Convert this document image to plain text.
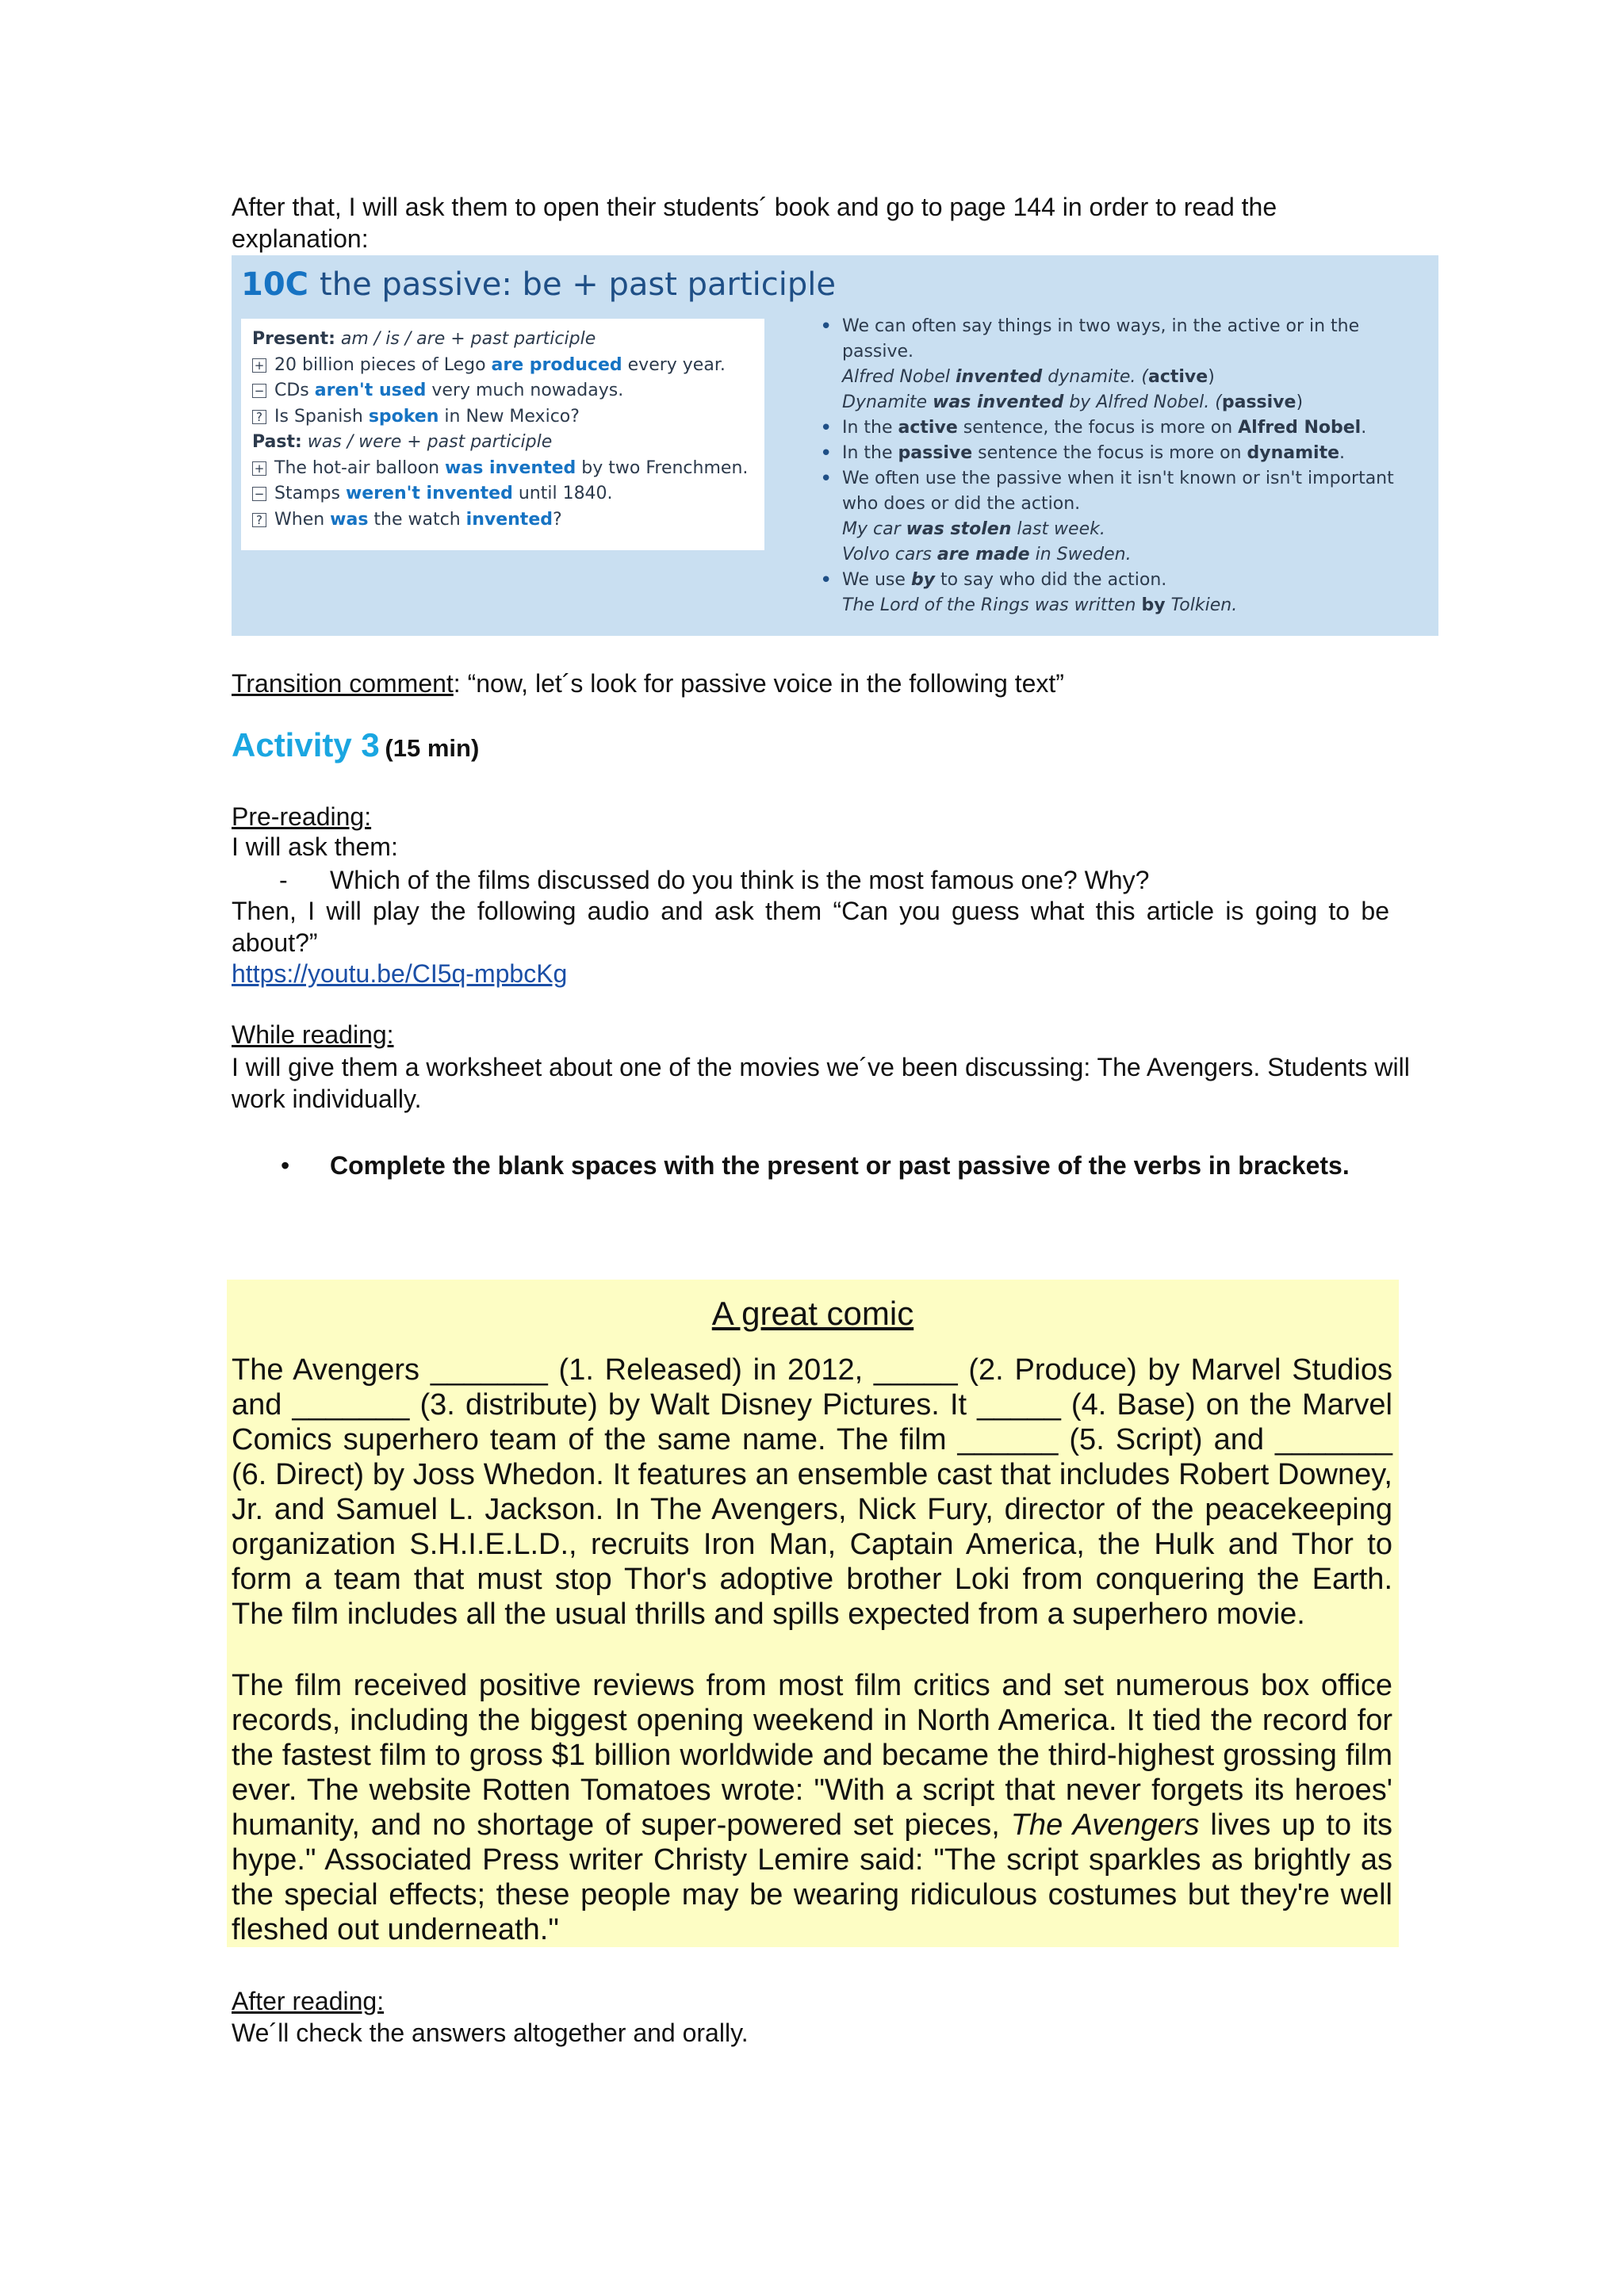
After that, I will ask them to open their students´ book and go to page 144 in order to read the explanation:

10C the passive: be + past participle
Present: am / is / are + past participle
+ 20 billion pieces of Lego are produced every year.
− CDs aren't used very much nowadays.
? Is Spanish spoken in New Mexico?
Past: was / were + past participle
+ The hot-air balloon was invented by two Frenchmen.
− Stamps weren't invented until 1840.
? When was the watch invented?
• We can often say things in two ways, in the active or in the
passive.
Alfred Nobel invented dynamite. (active)
Dynamite was invented by Alfred Nobel. (passive)
• In the active sentence, the focus is more on Alfred Nobel.
• In the passive sentence the focus is more on dynamite.
• We often use the passive when it isn't known or isn't important
who does or did the action.
My car was stolen last week.
Volvo cars are made in Sweden.
• We use by to say who did the action.
The Lord of the Rings was written by Tolkien.

Transition comment: “now, let´s look for passive voice in the following text”

Activity 3 (15 min)

Pre-reading:

I will ask them:

- Which of the films discussed do you think is the most famous one? Why?

Then, I will play the following audio and ask them “Can you guess what this article is going to be about?”

https://youtu.be/CI5q-mpbcKg

While reading:

I will give them a worksheet about one of the movies we´ve been discussing: The Avengers. Students will work individually.

• Complete the blank spaces with the present or past passive of the verbs in brackets.

A great comic

The Avengers _______ (1. Released) in 2012, _____ (2. Produce) by Marvel Studios and _______ (3. distribute) by Walt Disney Pictures. It _____ (4. Base) on the Marvel Comics superhero team of the same name. The film ______ (5. Script) and _______ (6. Direct) by Joss Whedon. It features an ensemble cast that includes Robert Downey, Jr. and Samuel L. Jackson. In The Avengers, Nick Fury, director of the peacekeeping organization S.H.I.E.L.D., recruits Iron Man, Captain America, the Hulk and Thor to form a team that must stop Thor's adoptive brother Loki from conquering the Earth. The film includes all the usual thrills and spills expected from a superhero movie.

The film received positive reviews from most film critics and set numerous box office records, including the biggest opening weekend in North America. It tied the record for the fastest film to gross $1 billion worldwide and became the third-highest grossing film ever. The website Rotten Tomatoes wrote: "With a script that never forgets its heroes' humanity, and no shortage of super-powered set pieces, The Avengers lives up to its hype." Associated Press writer Christy Lemire said: "The script sparkles as brightly as the special effects; these people may be wearing ridiculous costumes but they're well fleshed out underneath."

After reading:

We´ll check the answers altogether and orally.
